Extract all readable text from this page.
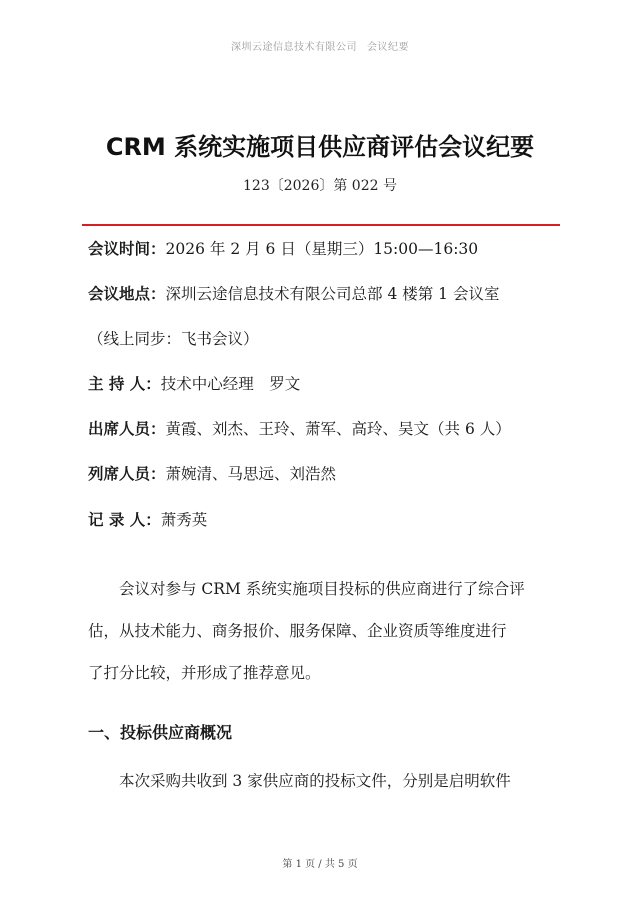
深圳云途信息技术有限公司 会议纪要
CRM 系统实施项目供应商评估会议纪要
123〔2026〕第 022 号
会议时间：2026 年 2 月 6 日（星期三）15:00—16:30
会议地点：深圳云途信息技术有限公司总部 4 楼第 1 会议室
（线上同步：飞书会议）
主 持 人：技术中心经理　罗文
出席人员：黄霞、刘杰、王玲、萧军、高玲、吴文（共 6 人）
列席人员：萧婉清、马思远、刘浩然
记 录 人：萧秀英
会议对参与 CRM 系统实施项目投标的供应商进行了综合评
估，从技术能力、商务报价、服务保障、企业资质等维度进行
了打分比较，并形成了推荐意见。
一、投标供应商概况
本次采购共收到 3 家供应商的投标文件，分别是启明软件
第 1 页 / 共 5 页
